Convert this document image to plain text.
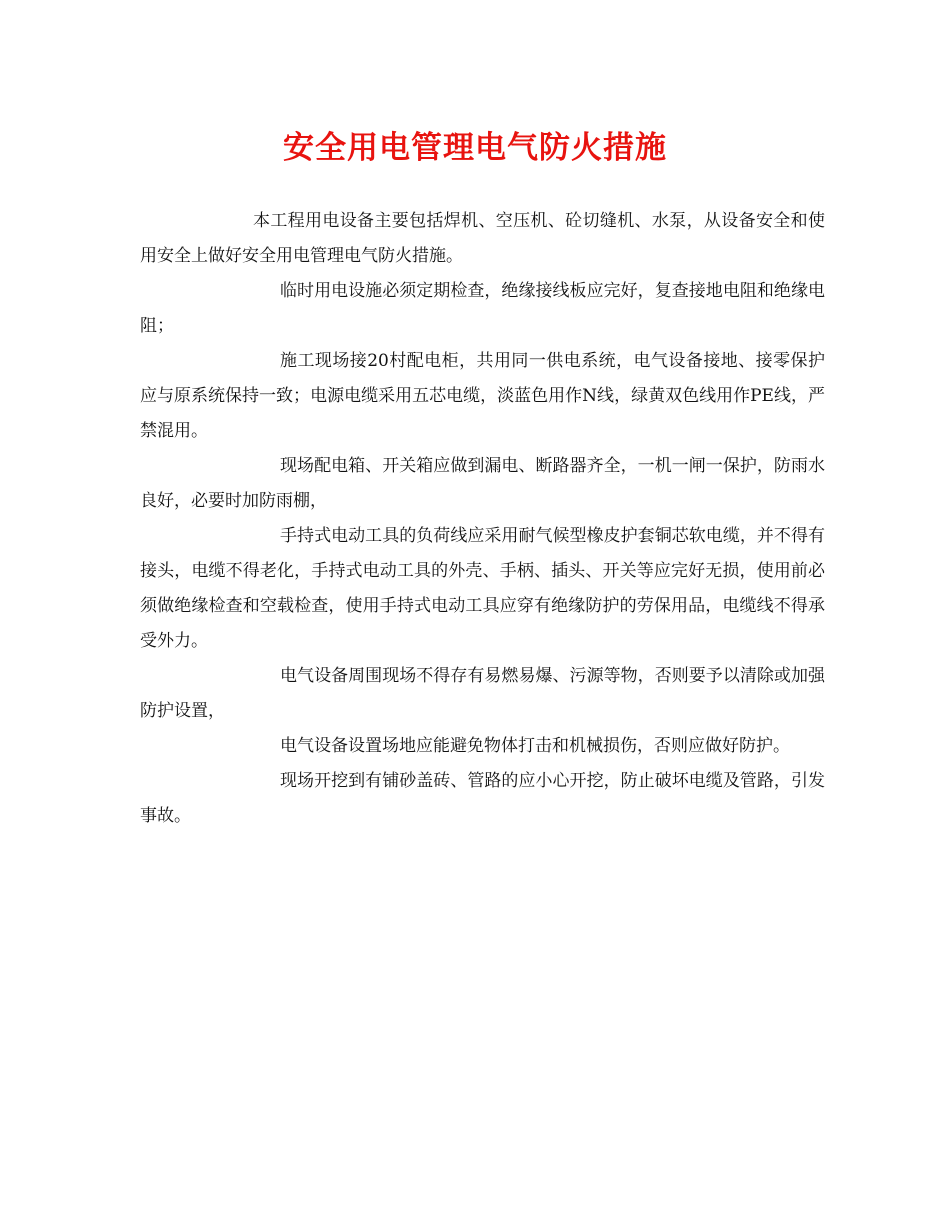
安全用电管理电气防火措施

本工程用电设备主要包括焊机、空压机、砼切缝机、水泵，从设备安全和使用安全上做好安全用电管理电气防火措施。

临时用电设施必须定期检查，绝缘接线板应完好，复查接地电阻和绝缘电阻；

施工现场接20村配电柜，共用同一供电系统，电气设备接地、接零保护应与原系统保持一致；电源电缆采用五芯电缆，淡蓝色用作N线，绿黄双色线用作PE线，严禁混用。

现场配电箱、开关箱应做到漏电、断路器齐全，一机一闸一保护，防雨水良好，必要时加防雨棚，

手持式电动工具的负荷线应采用耐气候型橡皮护套铜芯软电缆，并不得有接头，电缆不得老化，手持式电动工具的外壳、手柄、插头、开关等应完好无损，使用前必须做绝缘检查和空载检查，使用手持式电动工具应穿有绝缘防护的劳保用品，电缆线不得承受外力。

电气设备周围现场不得存有易燃易爆、污源等物，否则要予以清除或加强防护设置，

电气设备设置场地应能避免物体打击和机械损伤，否则应做好防护。

现场开挖到有铺砂盖砖、管路的应小心开挖，防止破坏电缆及管路，引发事故。
